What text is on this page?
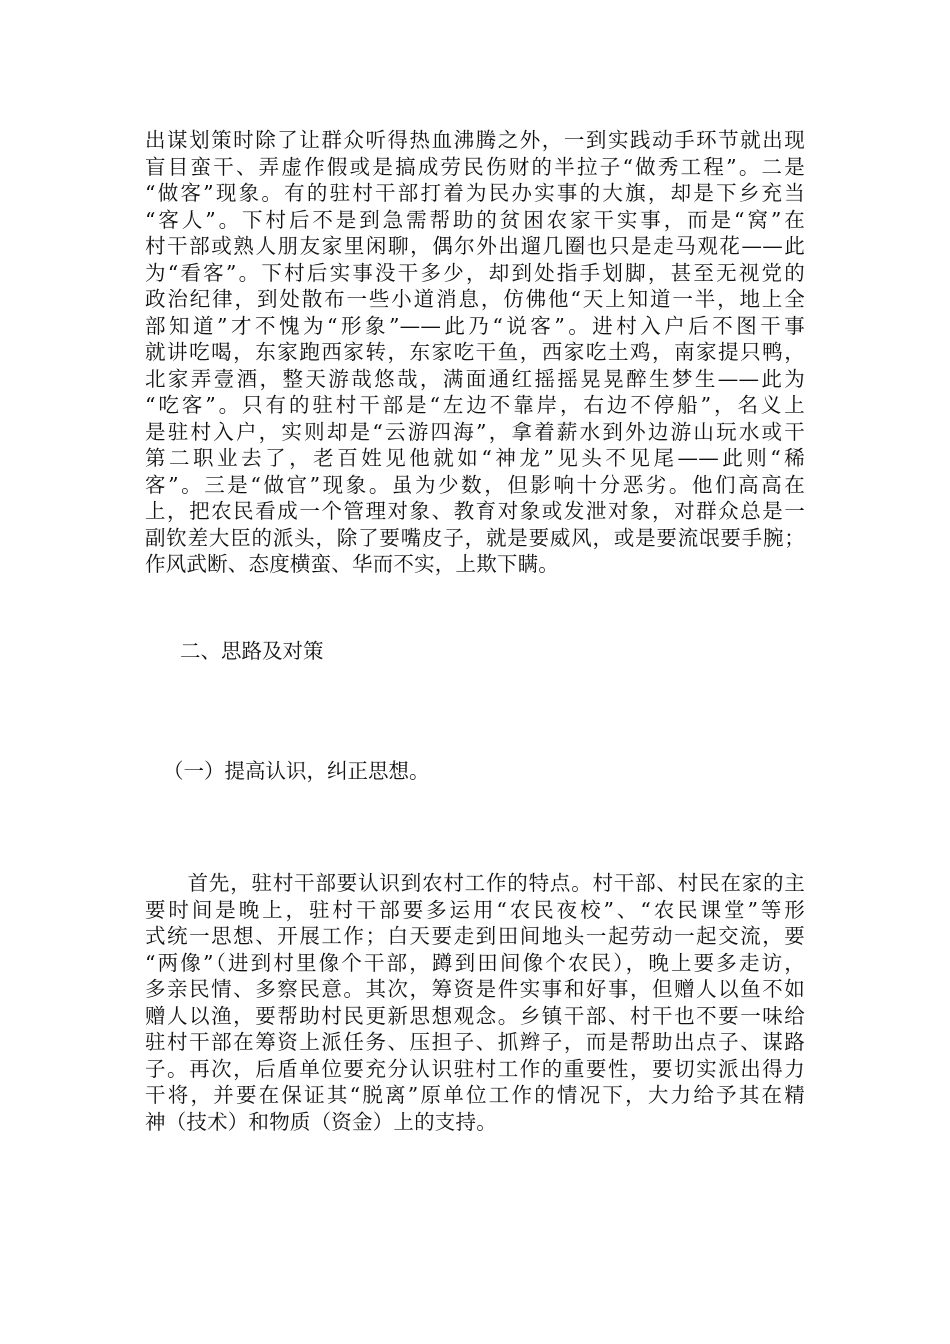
出谋划策时除了让群众听得热血沸腾之外，一到实践动手环节就出现
盲目蛮干、弄虚作假或是搞成劳民伤财的半拉子“做秀工程”。二是
“做客”现象。有的驻村干部打着为民办实事的大旗，却是下乡充当
“客人”。下村后不是到急需帮助的贫困农家干实事，而是“窝”在
村干部或熟人朋友家里闲聊，偶尔外出遛几圈也只是走马观花——此
为“看客”。下村后实事没干多少，却到处指手划脚，甚至无视党的
政治纪律，到处散布一些小道消息，仿佛他“天上知道一半，地上全
部知道”才不愧为“形象”——此乃“说客”。进村入户后不图干事
就讲吃喝，东家跑西家转，东家吃干鱼，西家吃土鸡，南家提只鸭，
北家弄壹酒，整天游哉悠哉，满面通红摇摇晃晃醉生梦生——此为
“吃客”。只有的驻村干部是“左边不靠岸，右边不停船”，名义上
是驻村入户，实则却是“云游四海”，拿着薪水到外边游山玩水或干
第二职业去了，老百姓见他就如“神龙”见头不见尾——此则“稀
客”。三是“做官”现象。虽为少数，但影响十分恶劣。他们高高在
上，把农民看成一个管理对象、教育对象或发泄对象，对群众总是一
副钦差大臣的派头，除了要嘴皮子，就是要威风，或是要流氓要手腕；
作风武断、态度横蛮、华而不实，上欺下瞒。
二、思路及对策
（一）提高认识，纠正思想。
　　首先，驻村干部要认识到农村工作的特点。村干部、村民在家的主
要时间是晚上，驻村干部要多运用“农民夜校”、“农民课堂”等形
式统一思想、开展工作；白天要走到田间地头一起劳动一起交流，要
“两像”（进到村里像个干部，蹲到田间像个农民），晚上要多走访，
多亲民情、多察民意。其次，筹资是件实事和好事，但赠人以鱼不如
赠人以渔，要帮助村民更新思想观念。乡镇干部、村干也不要一味给
驻村干部在筹资上派任务、压担子、抓辫子，而是帮助出点子、谋路
子。再次，后盾单位要充分认识驻村工作的重要性，要切实派出得力
干将，并要在保证其“脱离”原单位工作的情况下，大力给予其在精
神（技术）和物质（资金）上的支持。
